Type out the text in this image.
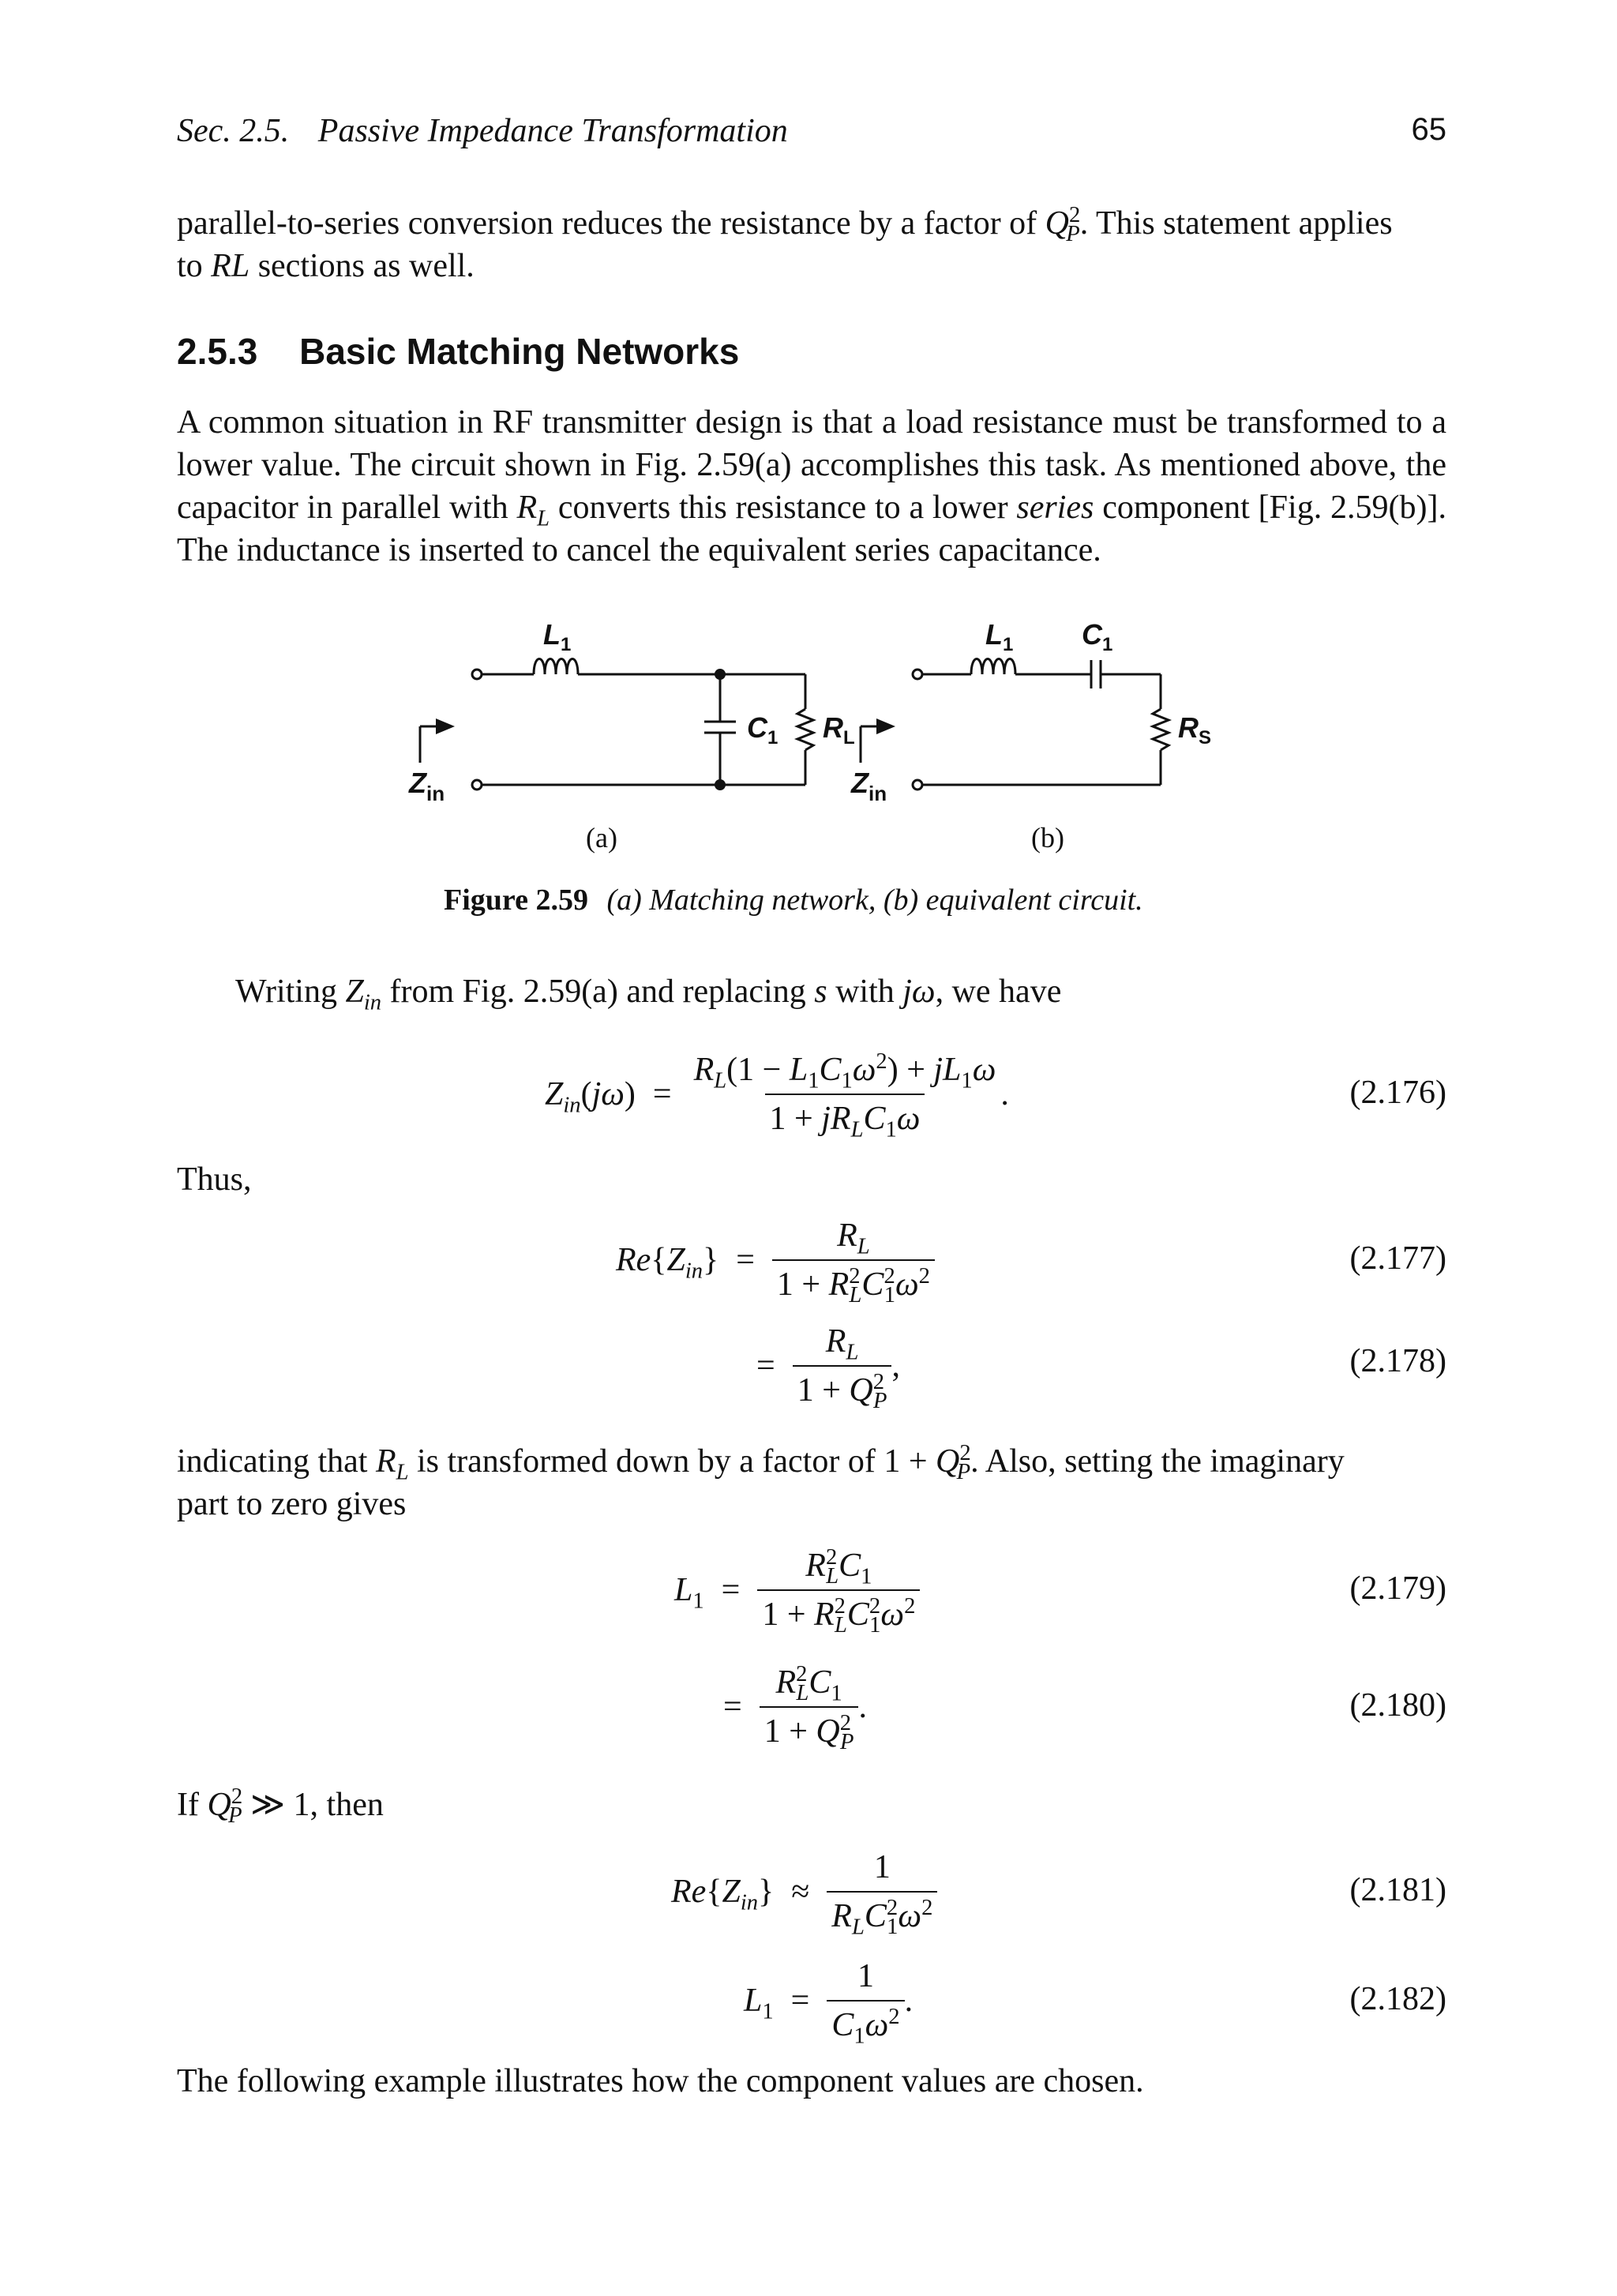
Sec. 2.5. Passive Impedance Transformation	65
parallel-to-series conversion reduces the resistance by a factor of $Q^2_P$. This statement applies
to RL sections as well.
2.5.3 Basic Matching Networks
A common situation in RF transmitter design is that a load resistance must be transformed to a lower value. The circuit shown in Fig. 2.59(a) accomplishes this task. As mentioned above, the capacitor in parallel with $R_L$ converts this resistance to a lower series component [Fig. 2.59(b)]. The inductance is inserted to cancel the equivalent series capacitance.
$L_1$
$C_1$ $R_L$
$Z_{in}$
$L_1$ $C_1$
$R_S$
$Z_{in}$
(a)	(b)
Figure 2.59 (a) Matching network, (b) equivalent circuit.
Writing $Z_{in}$ from Fig. 2.59(a) and replacing s with jω, we have
$Z_{in}(j\omega) = \frac{R_L(1 - L_1C_1\omega^2) + jL_1\omega}{1 + jR_LC_1\omega}$ .	(2.176)
Thus,
$Re\{Z_{in}\} = \frac{R_L}{1 + R^2_LC^2_1\omega^2}$	(2.177)
= $\frac{R_L}{1 + Q^2_P}$ ,	(2.178)
indicating that $R_L$ is transformed down by a factor of $1 + Q^2_P$. Also, setting the imaginary
part to zero gives
$L_1 = \frac{R^2_LC_1}{1 + R^2_LC^2_1\omega^2}$	(2.179)
= $\frac{R^2_LC_1}{1 + Q^2_P}$ .	(2.180)
If $Q^2_P$ ≫ 1, then
$Re\{Z_{in}\} \approx \frac{1}{R_LC^2_1\omega^2}$	(2.181)
$L_1 = \frac{1}{C_1\omega^2}$ .	(2.182)
The following example illustrates how the component values are chosen.
